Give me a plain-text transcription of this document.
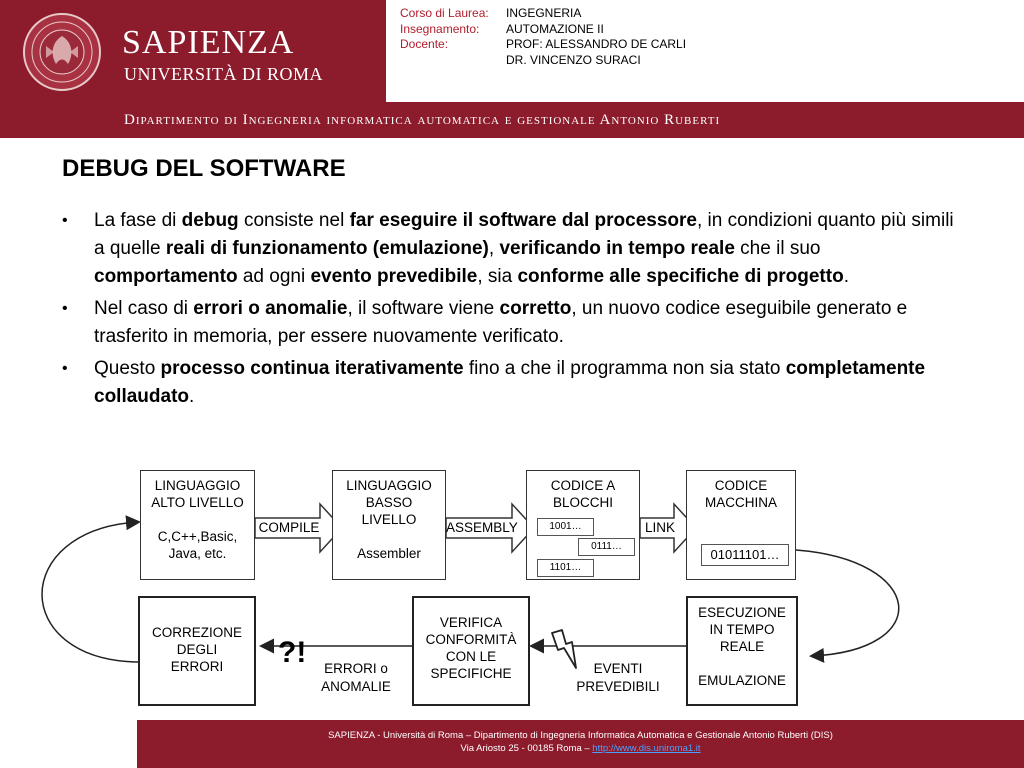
SAPIENZA
UNIVERSITÀ DI ROMA
Corso di Laurea:	INGEGNERIA
Insegnamento:	AUTOMAZIONE II
Docente:	PROF: ALESSANDRO DE CARLI
DR. VINCENZO SURACI
Dipartimento di Ingegneria informatica automatica e gestionale Antonio Ruberti
DEBUG DEL SOFTWARE
• La fase di debug consiste nel far eseguire il software dal processore, in condizioni quanto più simili a quelle reali di funzionamento (emulazione), verificando in tempo reale che il suo comportamento ad ogni evento prevedibile, sia conforme alle specifiche di progetto.
• Nel caso di errori o anomalie, il software viene corretto, un nuovo codice eseguibile generato e trasferito in memoria, per essere nuovamente verificato.
• Questo processo continua iterativamente fino a che il programma non sia stato completamente collaudato.
LINGUAGGIO
ALTO LIVELLO
C,C++,Basic,
Java, etc.
LINGUAGGIO
BASSO
LIVELLO
Assembler
CODICE A
BLOCCHI
1001…
0111…
1101…
CODICE
MACCHINA
01011101…
COMPILE	ASSEMBLY	LINK
CORREZIONE
DEGLI
ERRORI
VERIFICA
CONFORMITÀ
CON LE
SPECIFICHE
ESECUZIONE
IN TEMPO
REALE
EMULAZIONE
?!	ERRORI o
ANOMALIE
EVENTI
PREVEDIBILI
SAPIENZA - Università di Roma – Dipartimento di Ingegneria Informatica Automatica e Gestionale Antonio Ruberti (DIS)
Via Ariosto 25 - 00185 Roma – http://www.dis.uniroma1.it
